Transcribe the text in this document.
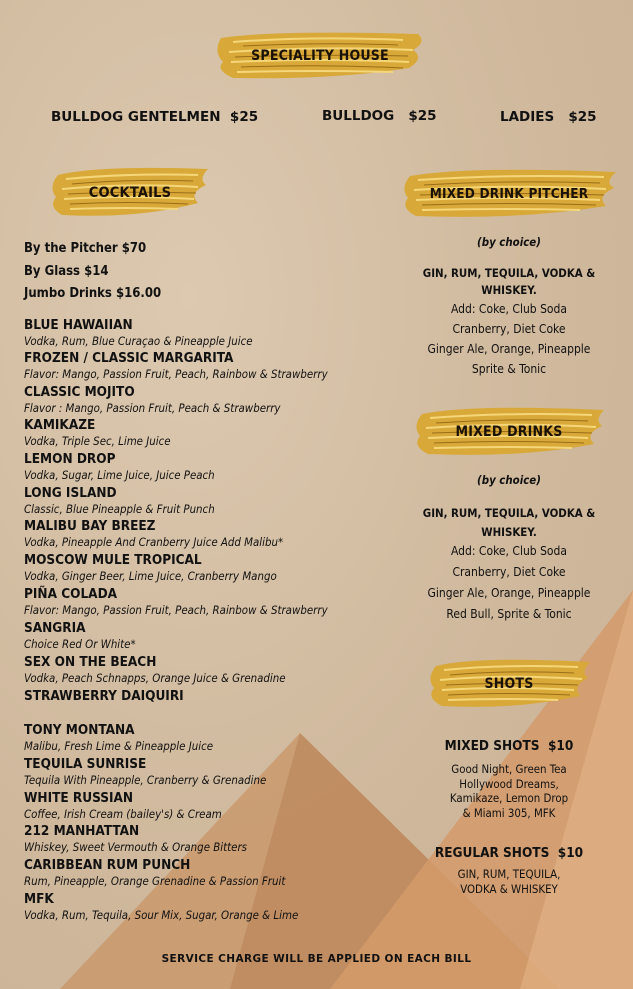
SPECIALITY HOUSE
BULLDOG GENTELMEN $25	BULLDOG $25	LADIES $25
COCKTAILS
By the Pitcher $70
By Glass $14
Jumbo Drinks $16.00
BLUE HAWAIIAN
Vodka, Rum, Blue Curaçao & Pineapple Juice
FROZEN / CLASSIC MARGARITA
Flavor: Mango, Passion Fruit, Peach, Rainbow & Strawberry
CLASSIC MOJITO
Flavor : Mango, Passion Fruit, Peach & Strawberry
KAMIKAZE
Vodka, Triple Sec, Lime Juice
LEMON DROP
Vodka, Sugar, Lime Juice, Juice Peach
LONG ISLAND
Classic, Blue Pineapple & Fruit Punch
MALIBU BAY BREEZ
Vodka, Pineapple And Cranberry Juice Add Malibu*
MOSCOW MULE TROPICAL
Vodka, Ginger Beer, Lime Juice, Cranberry Mango
PIÑA COLADA
Flavor: Mango, Passion Fruit, Peach, Rainbow & Strawberry
SANGRIA
Choice Red Or White*
SEX ON THE BEACH
Vodka, Peach Schnapps, Orange Juice & Grenadine
STRAWBERRY DAIQUIRI
TONY MONTANA
Malibu, Fresh Lime & Pineapple Juice
TEQUILA SUNRISE
Tequila With Pineapple, Cranberry & Grenadine
WHITE RUSSIAN
Coffee, Irish Cream (bailey's) & Cream
212 MANHATTAN
Whiskey, Sweet Vermouth & Orange Bitters
CARIBBEAN RUM PUNCH
Rum, Pineapple, Orange Grenadine & Passion Fruit
MFK
Vodka, Rum, Tequila, Sour Mix, Sugar, Orange & Lime
MIXED DRINK PITCHER
(by choice)
GIN, RUM, TEQUILA, VODKA &
WHISKEY.
Add: Coke, Club Soda
Cranberry, Diet Coke
Ginger Ale, Orange, Pineapple
Sprite & Tonic
MIXED DRINKS
(by choice)
GIN, RUM, TEQUILA, VODKA &
WHISKEY.
Add: Coke, Club Soda
Cranberry, Diet Coke
Ginger Ale, Orange, Pineapple
Red Bull, Sprite & Tonic
SHOTS
MIXED SHOTS $10
Good Night, Green Tea
Hollywood Dreams,
Kamikaze, Lemon Drop
& Miami 305, MFK
REGULAR SHOTS $10
GIN, RUM, TEQUILA,
VODKA & WHISKEY
SERVICE CHARGE WILL BE APPLIED ON EACH BILL
